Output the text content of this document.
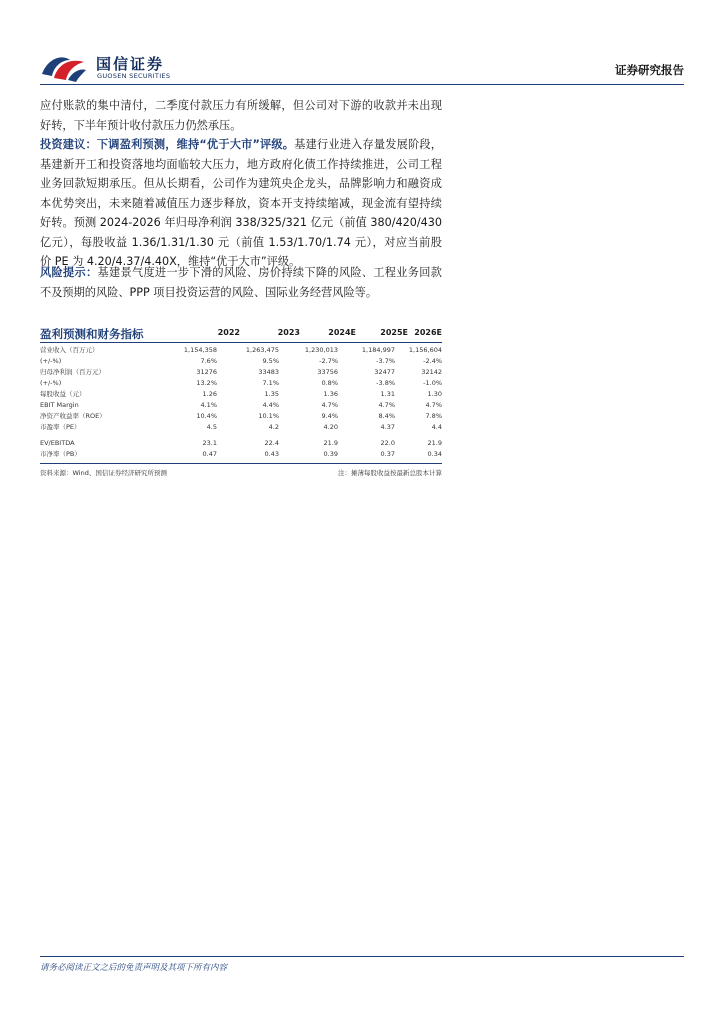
国信证券
GUOSEN SECURITIES	证券研究报告
应付账款的集中清付，二季度付款压力有所缓解，但公司对下游的收款并未出现好转，下半年预计收付款压力仍然承压。
投资建议：下调盈利预测，维持“优于大市”评级。基建行业进入存量发展阶段，基建新开工和投资落地均面临较大压力，地方政府化债工作持续推进，公司工程业务回款短期承压。但从长期看，公司作为建筑央企龙头，品牌影响力和融资成本优势突出，未来随着减值压力逐步释放，资本开支持续缩减，现金流有望持续好转。预测 2024-2026 年归母净利润 338/325/321 亿元（前值 380/420/430 亿元），每股收益 1.36/1.31/1.30 元（前值 1.53/1.70/1.74 元），对应当前股价 PE 为 4.20/4.37/4.40X，维持“优于大市”评级。
风险提示：基建景气度进一步下滑的风险、房价持续下降的风险、工程业务回款不及预期的风险、PPP 项目投资运营的风险、国际业务经营风险等。
盈利预测和财务指标	2022	2023	2024E	2025E 2026E
营业收入（百万元）	1,154,358	1,263,475	1,230,013	1,184,997	1,156,604
(+/-%)	7.6%	9.5%	-2.7%	-3.7%	-2.4%
归母净利润（百万元）	31276	33483	33756	32477	32142
(+/-%)	13.2%	7.1%	0.8%	-3.8%	-1.0%
每股收益（元）	1.26	1.35	1.36	1.31	1.30
EBIT Margin	4.1%	4.4%	4.7%	4.7%	4.7%
净资产收益率（ROE）	10.4%	10.1%	9.4%	8.4%	7.8%
市盈率（PE）	4.5	4.2	4.20	4.37	4.4
EV/EBITDA	23.1	22.4	21.9	22.0	21.9
市净率（PB）	0.47	0.43	0.39	0.37	0.34
资料来源：Wind、国信证券经济研究所预测	注：摊薄每股收益按最新总股本计算
请务必阅读正文之后的免责声明及其项下所有内容
